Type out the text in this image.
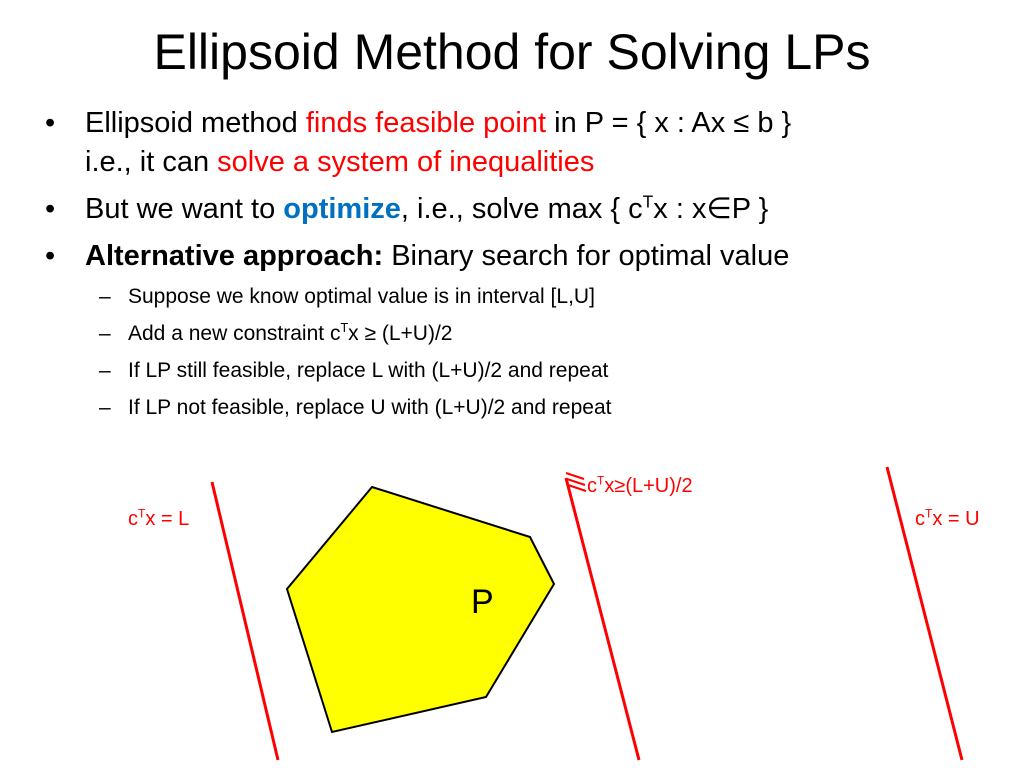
Ellipsoid Method for Solving LPs
• Ellipsoid method finds feasible point in P = { x : Ax ≤ b }
i.e., it can solve a system of inequalities
• But we want to optimize, i.e., solve max { $c^Tx$ : x∈P }
• Alternative approach: Binary search for optimal value
– Suppose we know optimal value is in interval [L,U]
– Add a new constraint $c^Tx \ge (L+U)/2$
– If LP still feasible, replace L with (L+U)/2 and repeat
– If LP not feasible, replace U with (L+U)/2 and repeat
P
$c^Tx = L$
$c^Tx\ge(L+U)/2$
$c^Tx = U$
